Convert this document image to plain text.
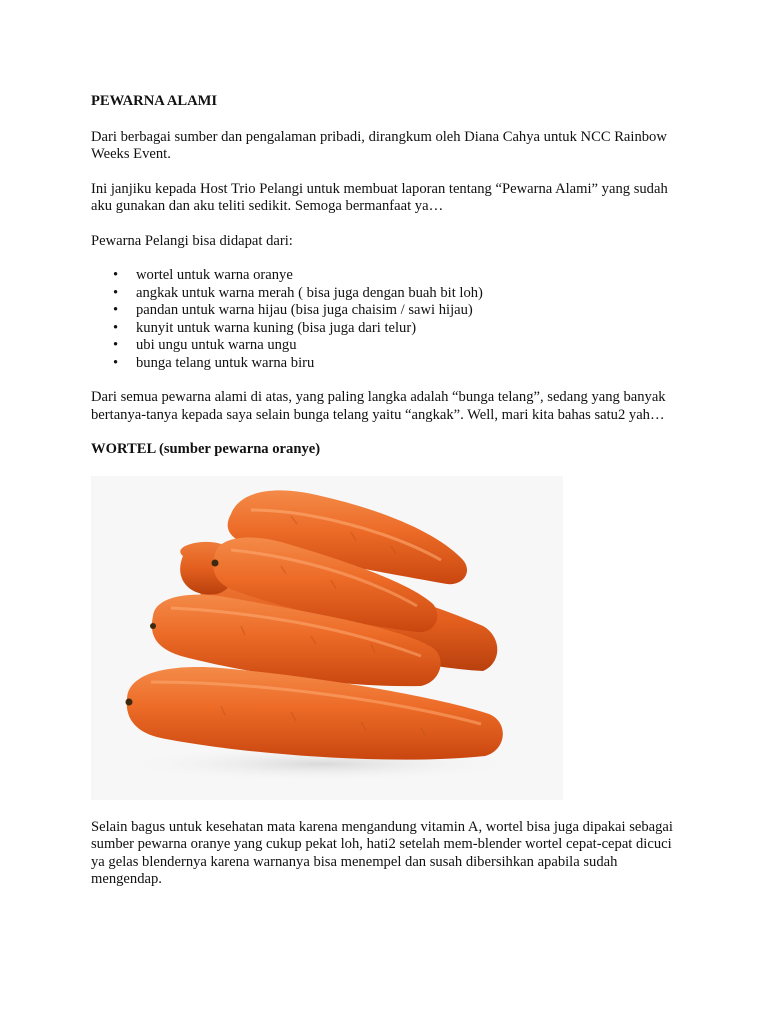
PEWARNA ALAMI

Dari berbagai sumber dan pengalaman pribadi, dirangkum oleh Diana Cahya untuk NCC Rainbow Weeks Event.

Ini janjiku kepada Host Trio Pelangi untuk membuat laporan tentang “Pewarna Alami” yang sudah aku gunakan dan aku teliti sedikit. Semoga bermanfaat ya…

Pewarna Pelangi bisa didapat dari:

• wortel untuk warna oranye
• angkak untuk warna merah ( bisa juga dengan buah bit loh)
• pandan untuk warna hijau (bisa juga chaisim / sawi hijau)
• kunyit untuk warna kuning (bisa juga dari telur)
• ubi ungu untuk warna ungu
• bunga telang untuk warna biru

Dari semua pewarna alami di atas, yang paling langka adalah “bunga telang”, sedang yang banyak bertanya-tanya kepada saya selain bunga telang yaitu “angkak”. Well, mari kita bahas satu2 yah…

WORTEL (sumber pewarna oranye)

Selain bagus untuk kesehatan mata karena mengandung vitamin A, wortel bisa juga dipakai sebagai sumber pewarna oranye yang cukup pekat loh, hati2 setelah mem-blender wortel cepat-cepat dicuci ya gelas blendernya karena warnanya bisa menempel dan susah dibersihkan apabila sudah mengendap.
